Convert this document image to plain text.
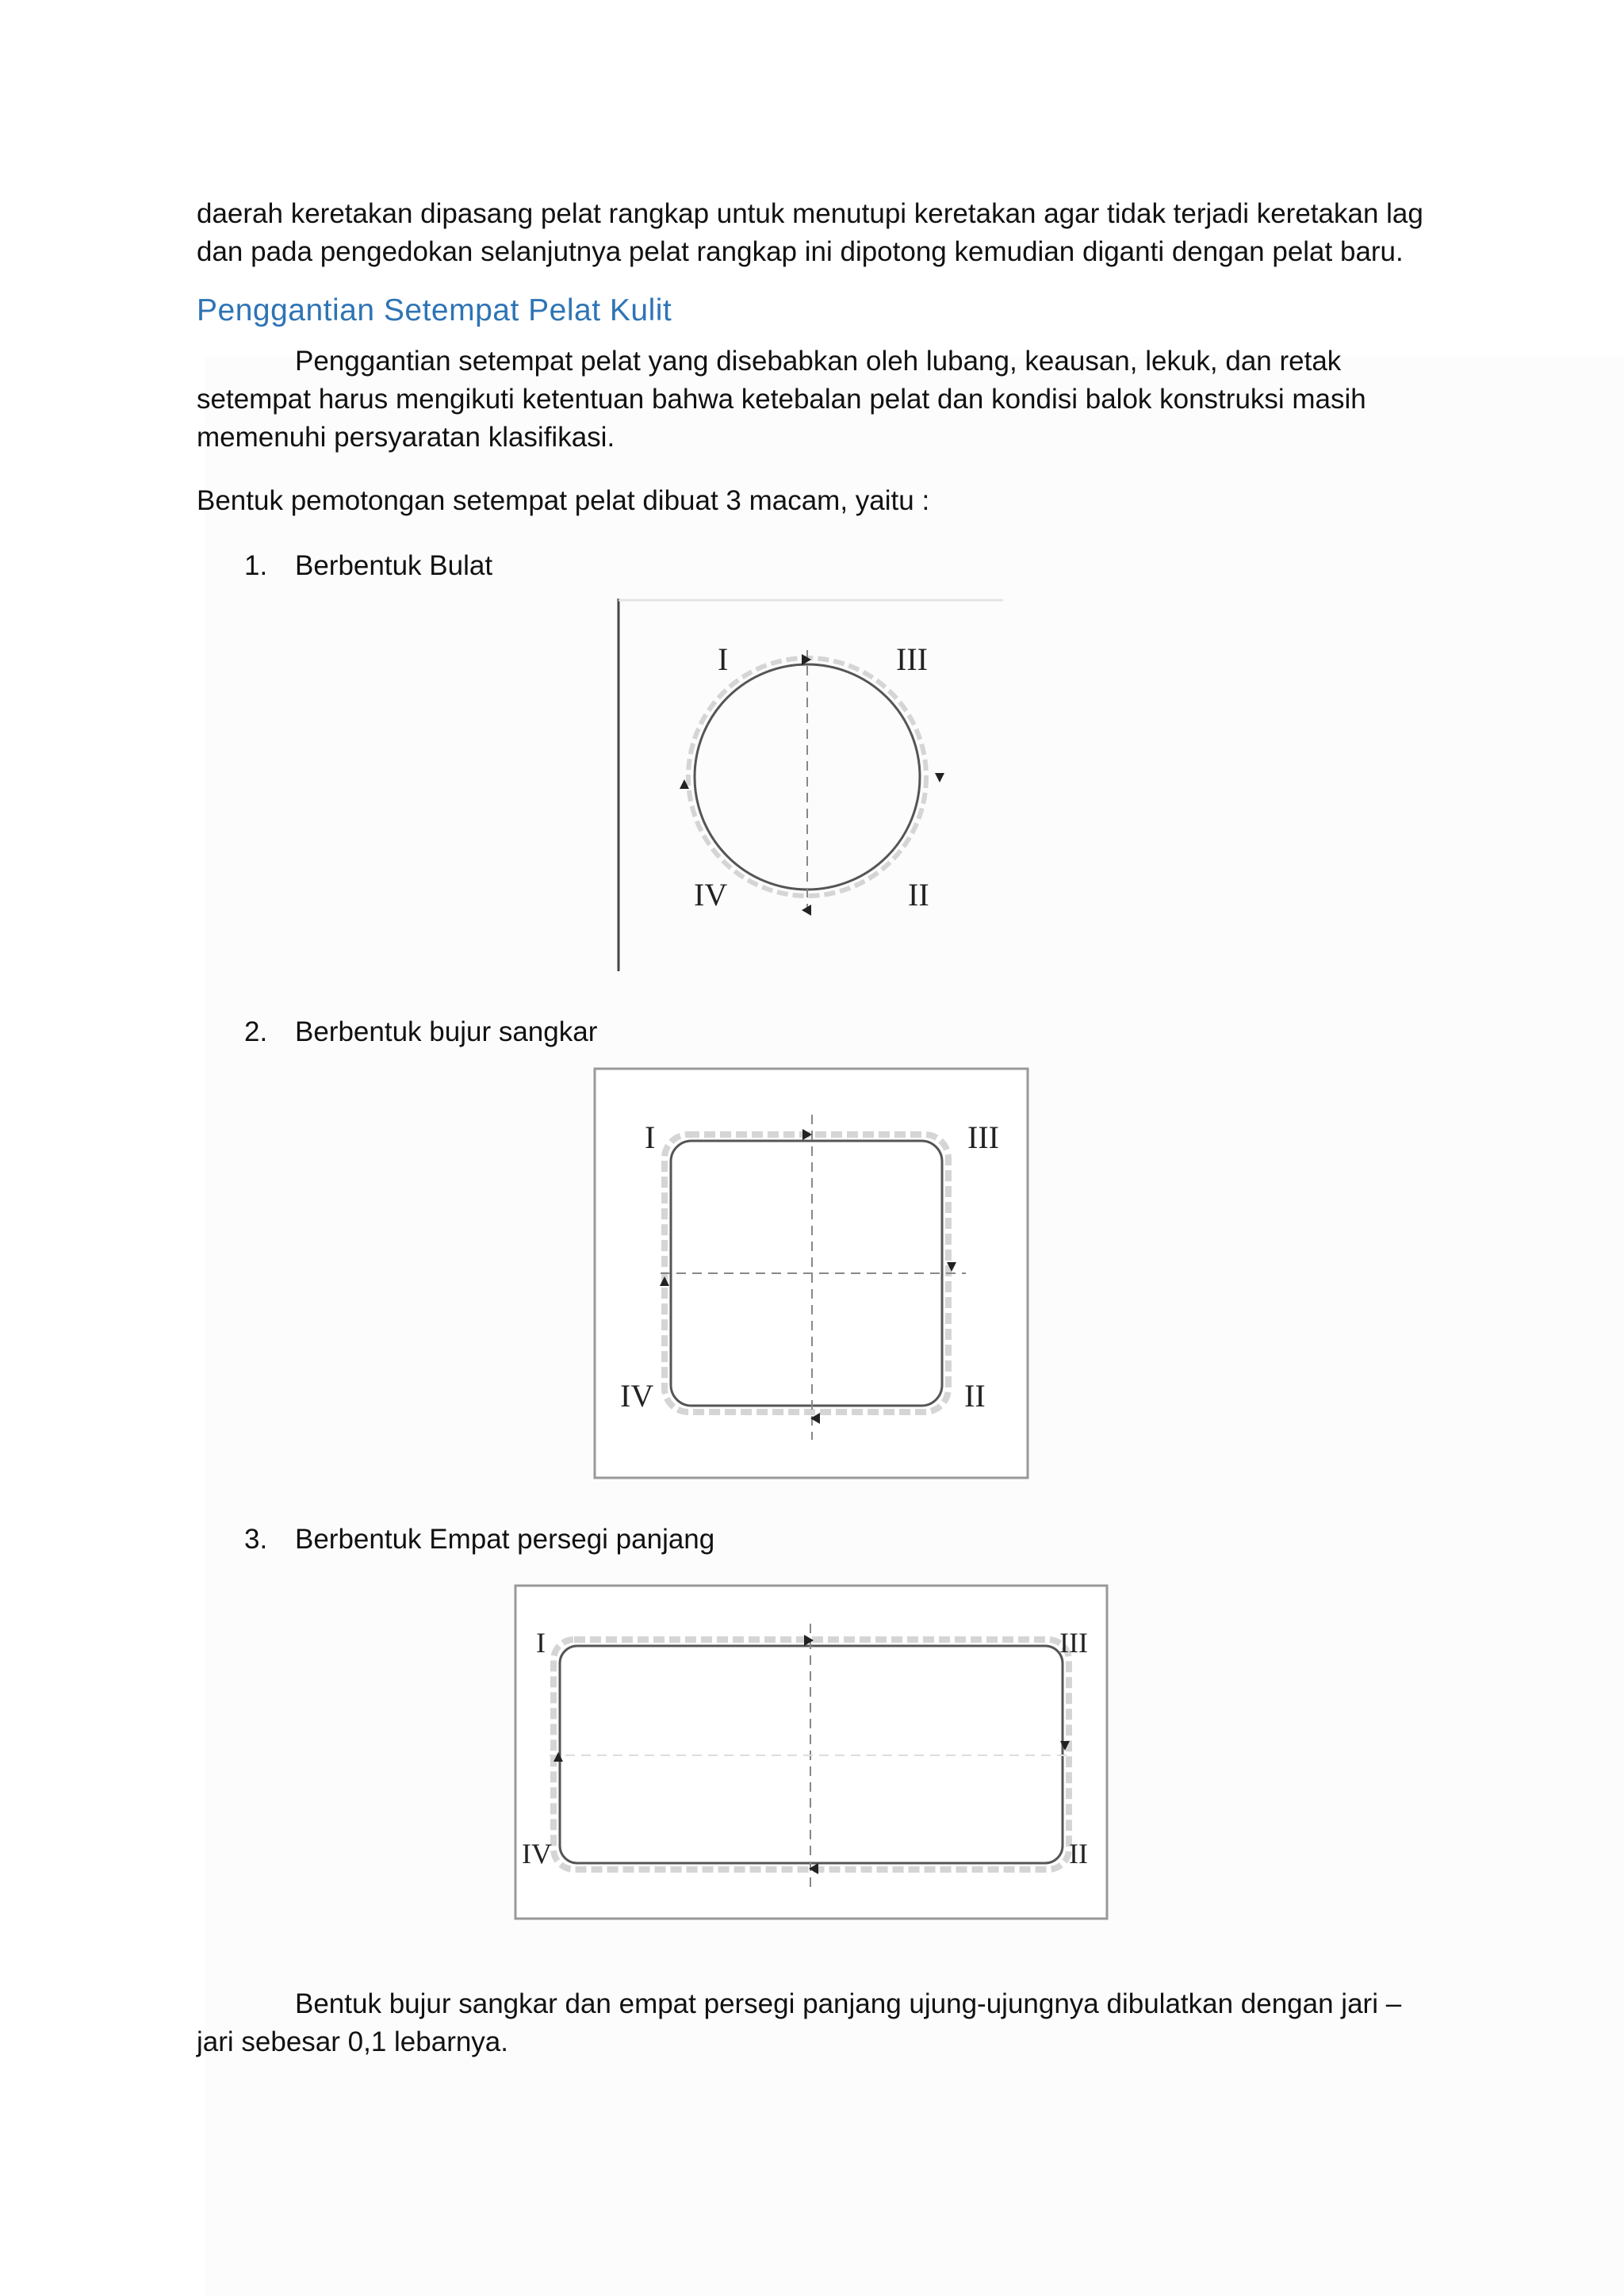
daerah keretakan dipasang pelat rangkap untuk menutupi keretakan agar tidak terjadi keretakan lag
dan pada pengedokan selanjutnya pelat rangkap ini dipotong kemudian diganti dengan pelat baru.

Penggantian Setempat Pelat Kulit

Penggantian setempat pelat yang disebabkan oleh lubang, keausan, lekuk, dan retak setempat harus mengikuti ketentuan bahwa ketebalan pelat dan kondisi balok konstruksi masih memenuhi persyaratan klasifikasi.

Bentuk pemotongan setempat pelat dibuat 3 macam, yaitu :

1. Berbentuk Bulat
I	III
IV	II
2. Berbentuk bujur sangkar
I	III
IV	II
3. Berbentuk Empat persegi panjang
I	III
IV	II

Bentuk bujur sangkar dan empat persegi panjang ujung-ujungnya dibulatkan dengan jari – jari sebesar 0,1 lebarnya.
